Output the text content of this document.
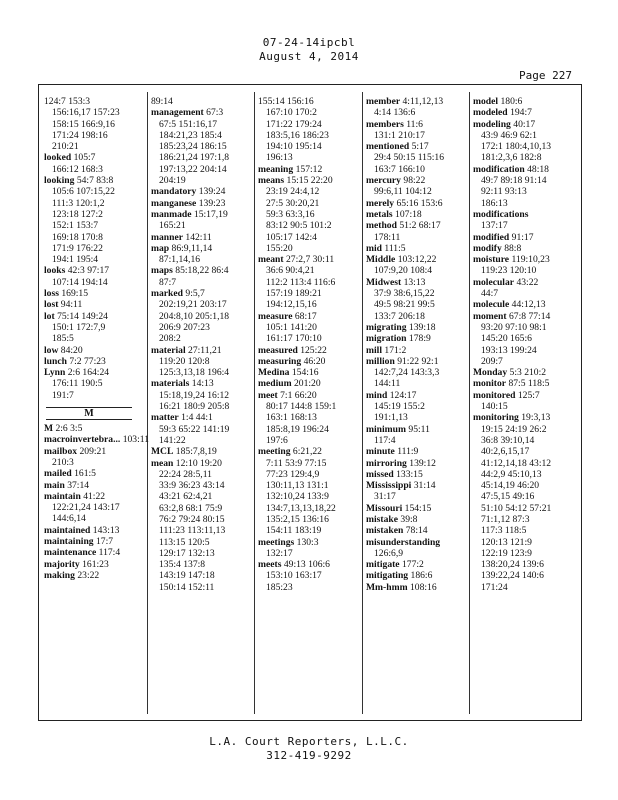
07-24-14ipcbl
August 4, 2014
Page 227
124:7 153:3
156:16,17 157:23
158:15 166:9,16
171:24 198:16
210:21
looked 105:7
166:12 168:3
looking 54:7 83:8
105:6 107:15,22
111:3 120:1,2
123:18 127:2
152:1 153:7
169:18 170:8
171:9 176:22
194:1 195:4
looks 42:3 97:17
107:14 194:14
loss 169:15
lost 94:11
lot 75:14 149:24
150:1 172:7,9
185:5
low 84:20
lunch 7:2 77:23
Lynn 2:6 164:24
176:11 190:5
191:7
M
M 2:6 3:5
macroinvertebra... 103:11
mailbox 209:21
210:3
mailed 161:5
main 37:14
maintain 41:22
122:21,24 143:17
144:6,14
maintained 143:13
maintaining 17:7
maintenance 117:4
majority 161:23
making 23:22
89:14
management 67:3
67:5 151:16,17
184:21,23 185:4
185:23,24 186:15
186:21,24 197:1,8
197:13,22 204:14
204:19
mandatory 139:24
manganese 139:23
manmade 15:17,19
165:21
manner 142:11
map 86:9,11,14
87:1,14,16
maps 85:18,22 86:4
87:7
marked 9:5,7
202:19,21 203:17
204:8,10 205:1,18
206:9 207:23
208:2
material 27:11,21
119:20 120:8
125:3,13,18 196:4
materials 14:13
15:18,19,24 16:12
16:21 180:9 205:8
matter 1:4 44:1
59:3 65:22 141:19
141:22
MCL 185:7,8,19
mean 12:10 19:20
22:24 28:5,11
33:9 36:23 43:14
43:21 62:4,21
63:2,8 68:1 75:9
76:2 79:24 80:15
111:23 113:11,13
113:15 120:5
129:17 132:13
135:4 137:8
143:19 147:18
150:14 152:11
155:14 156:16
167:10 170:2
171:22 179:24
183:5,16 186:23
194:10 195:14
196:13
meaning 157:12
means 15:15 22:20
23:19 24:4,12
27:5 30:20,21
59:3 63:3,16
83:12 90:5 101:2
105:17 142:4
155:20
meant 27:2,7 30:11
36:6 90:4,21
112:2 113:4 116:6
157:19 189:21
194:12,15,16
measure 68:17
105:1 141:20
161:17 170:10
measured 125:22
measuring 46:20
Medina 154:16
medium 201:20
meet 7:1 66:20
80:17 144:8 159:1
163:1 168:13
185:8,19 196:24
197:6
meeting 6:21,22
7:11 53:9 77:15
77:23 129:4,9
130:11,13 131:1
132:10,24 133:9
134:7,13,13,18,22
135:2,15 136:16
154:11 183:19
meetings 130:3
132:17
meets 49:13 106:6
153:10 163:17
185:23
member 4:11,12,13
4:14 136:6
members 11:6
131:1 210:17
mentioned 5:17
29:4 50:15 115:16
163:7 166:10
mercury 98:22
99:6,11 104:12
merely 65:16 153:6
metals 107:18
method 51:2 68:17
178:11
mid 111:5
Middle 103:12,22
107:9,20 108:4
Midwest 13:13
37:9 38:6,15,22
49:5 98:21 99:5
133:7 206:18
migrating 139:18
migration 178:9
mill 171:2
million 91:22 92:1
142:7,24 143:3,3
144:11
mind 124:17
145:19 155:2
191:1,13
minimum 95:11
117:4
minute 111:9
mirroring 139:12
missed 133:15
Mississippi 31:14
31:17
Missouri 154:15
mistake 39:8
mistaken 78:14
misunderstanding
126:6,9
mitigate 177:2
mitigating 186:6
Mm-hmm 108:16
model 180:6
modeled 194:7
modeling 40:17
43:9 46:9 62:1
172:1 180:4,10,13
181:2,3,6 182:8
modification 48:18
49:7 89:18 91:14
92:11 93:13
186:13
modifications
137:17
modified 91:17
modify 88:8
moisture 119:10,23
119:23 120:10
molecular 43:22
44:7
molecule 44:12,13
moment 67:8 77:14
93:20 97:10 98:1
145:20 165:6
193:13 199:24
209:7
Monday 5:3 210:2
monitor 87:5 118:5
monitored 125:7
140:15
monitoring 19:3,13
19:15 24:19 26:2
36:8 39:10,14
40:2,6,15,17
41:12,14,18 43:12
44:2,9 45:10,13
45:14,19 46:20
47:5,15 49:16
51:10 54:12 57:21
71:1,12 87:3
117:3 118:5
120:13 121:9
122:19 123:9
138:20,24 139:6
139:22,24 140:6
171:24
L.A. Court Reporters, L.L.C.
312-419-9292
